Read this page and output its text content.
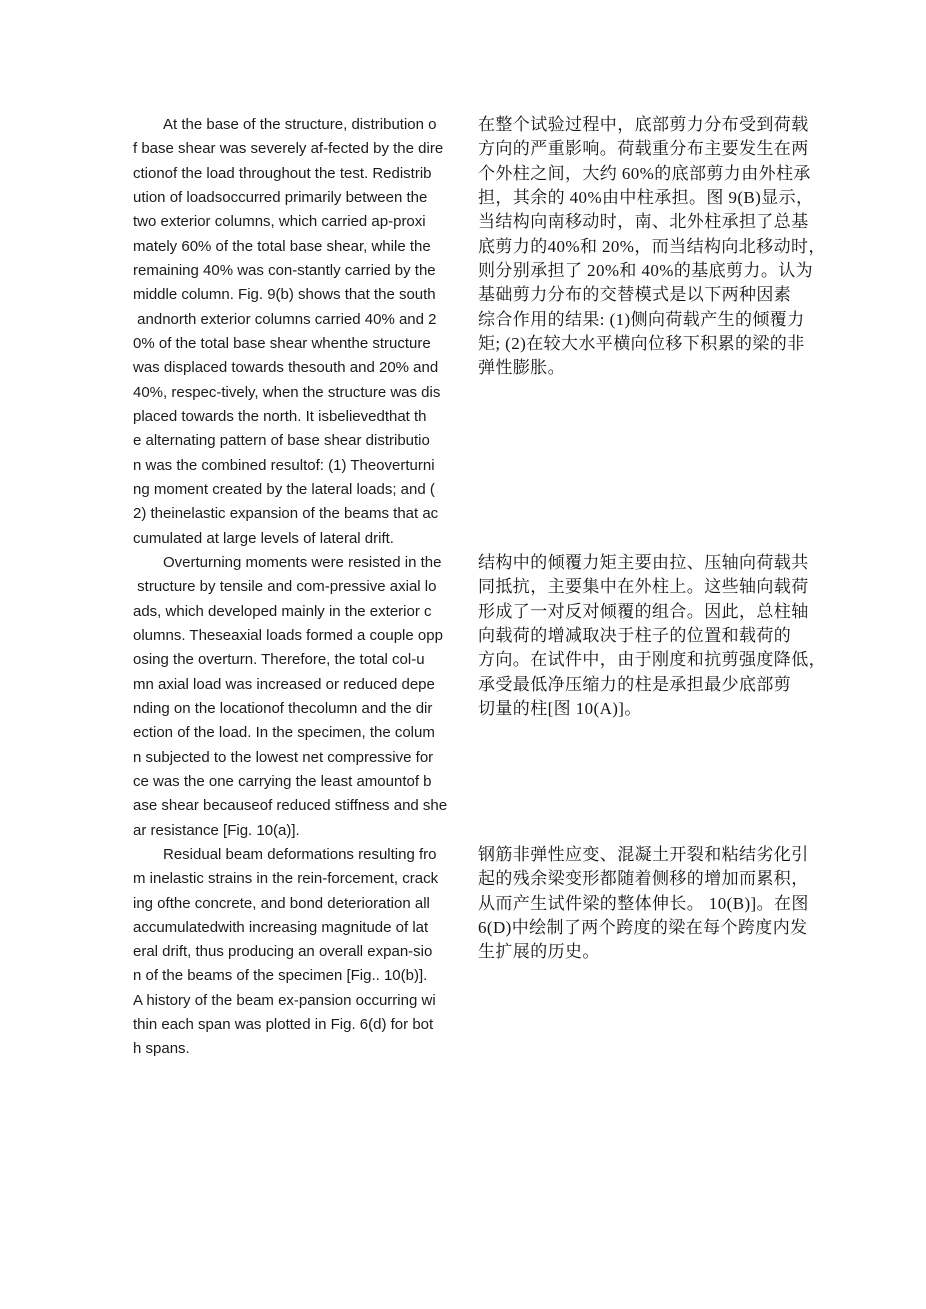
At the base of the structure, distribution o
f base shear was severely af-fected by the dire
ctionof the load throughout the test. Redistrib
ution of loadsoccurred primarily between the
two exterior columns, which carried ap-proxi
mately 60% of the total base shear, while the
remaining 40% was con-stantly carried by the
middle column. Fig. 9(b) shows that the south
andnorth exterior columns carried 40% and 2
0% of the total base shear whenthe structure
was displaced towards thesouth and 20% and
40%, respec-tively, when the structure was dis
placed towards the north. It isbelievedthat th
e alternating pattern of base shear distributio
n was the combined resultof: (1) Theoverturni
ng moment created by the lateral loads; and (
2) theinelastic expansion of the beams that ac
cumulated at large levels of lateral drift.
在整个试验过程中，底部剪力分布受到荷载
方向的严重影响。荷载重分布主要发生在两
个外柱之间，大约 60%的底部剪力由外柱承
担，其余的 40%由中柱承担。图 9(B)显示，
当结构向南移动时，南、北外柱承担了总基
底剪力的40%和 20%，而当结构向北移动时，
则分别承担了 20%和 40%的基底剪力。认为
基础剪力分布的交替模式是以下两种因素
综合作用的结果: (1)侧向荷载产生的倾覆力
矩; (2)在较大水平横向位移下积累的梁的非
弹性膨胀。
Overturning moments were resisted in the
structure by tensile and com-pressive axial lo
ads, which developed mainly in the exterior c
olumns. Theseaxial loads formed a couple opp
osing the overturn. Therefore, the total col-u
mn axial load was increased or reduced depe
nding on the locationof thecolumn and the dir
ection of the load. In the specimen, the colum
n subjected to the lowest net compressive for
ce was the one carrying the least amountof b
ase shear becauseof reduced stiffness and she
ar resistance [Fig. 10(a)].
结构中的倾覆力矩主要由拉、压轴向荷载共
同抵抗，主要集中在外柱上。这些轴向载荷
形成了一对反对倾覆的组合。因此，总柱轴
向载荷的增减取决于柱子的位置和载荷的
方向。在试件中，由于刚度和抗剪强度降低，
承受最低净压缩力的柱是承担最少底部剪
切量的柱[图 10(A)]。
Residual beam deformations resulting fro
m inelastic strains in the rein-forcement, crack
ing ofthe concrete, and bond deterioration all
accumulatedwith increasing magnitude of lat
eral drift, thus producing an overall expan-sio
n of the beams of the specimen [Fig.. 10(b)].
A history of the beam ex-pansion occurring wi
thin each span was plotted in Fig. 6(d) for bot
h spans.
钢筋非弹性应变、混凝土开裂和粘结劣化引
起的残余梁变形都随着侧移的增加而累积，
从而产生试件梁的整体伸长。 10(B)]。在图
6(D)中绘制了两个跨度的梁在每个跨度内发
生扩展的历史。
